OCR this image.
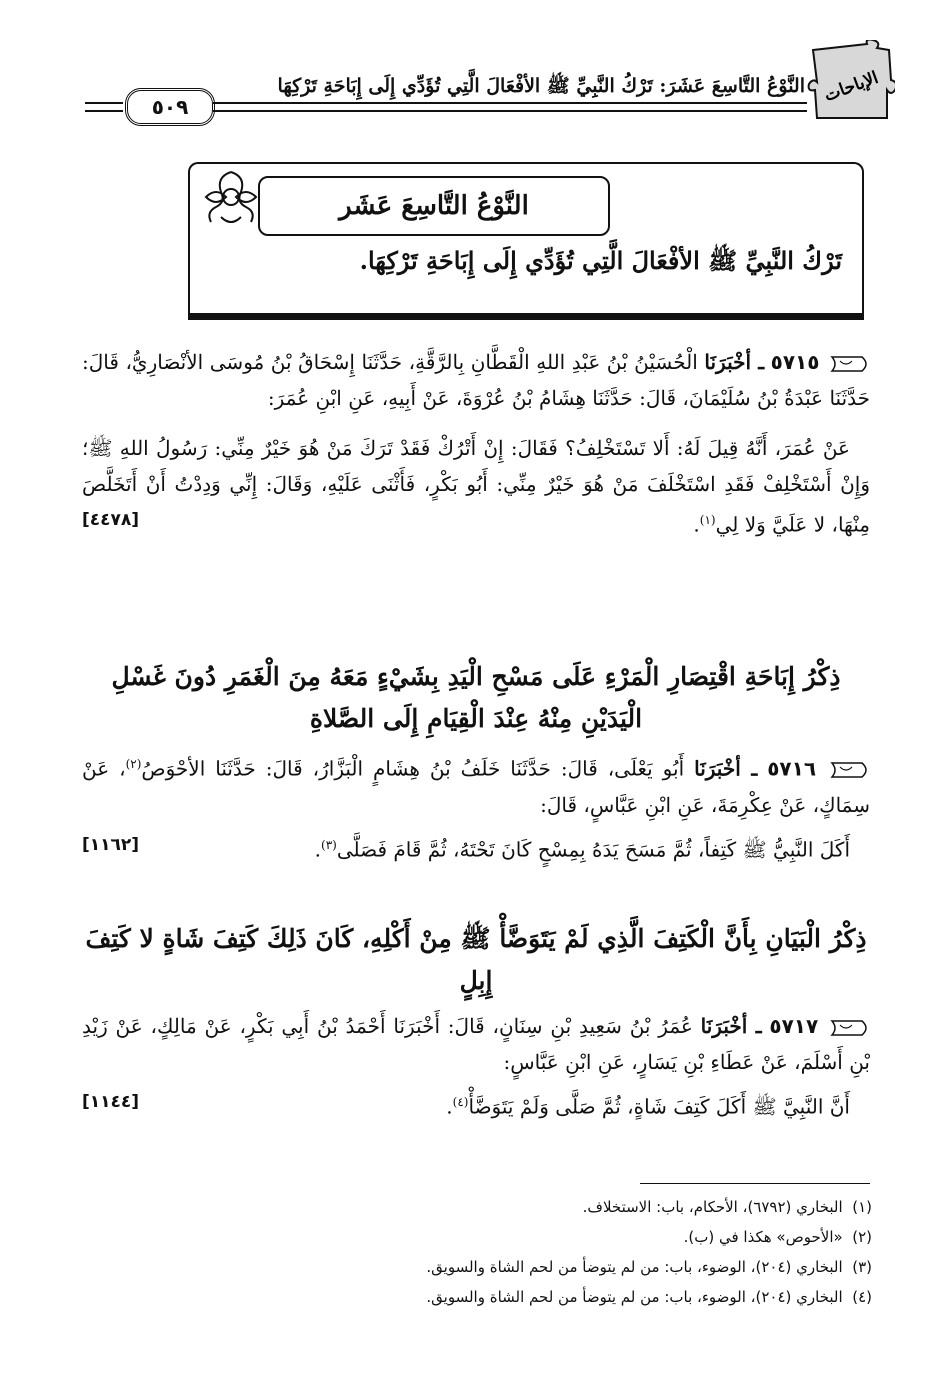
٥٠٩
النَّوْعُ التَّاسِعَ عَشَرَ: تَرْكُ النَّبِيِّ ﷺ الأفْعَالَ الَّتِي تُؤَدِّي إِلَى إِبَاحَةِ تَرْكِهَا الإباحات
النَّوْعُ التَّاسِعَ عَشَر
تَرْكُ النَّبِيِّ ﷺ الأفْعَالَ الَّتِي تُؤَدِّي إِلَى إِبَاحَةِ تَرْكِهَا.

٥٧١٥ ـ أخْبَرَنَا الْحُسَيْنُ بْنُ عَبْدِ اللهِ الْقَطَّانِ بِالرَّقَّةِ، حَدَّثَنَا إِسْحَاقُ بْنُ مُوسَى الأنْصَارِيُّ، قَالَ: حَدَّثَنَا عَبْدَةُ بْنُ سُلَيْمَانَ، قَالَ: حَدَّثَنَا هِشَامُ بْنُ عُرْوَةَ، عَنْ أَبِيهِ، عَنِ ابْنِ عُمَرَ:

عَنْ عُمَرَ، أَنَّهُ قِيلَ لَهُ: أَلا تَسْتَخْلِفُ؟ فَقَالَ: إِنْ أَتْرُكْ فَقَدْ تَرَكَ مَنْ هُوَ خَيْرٌ مِنِّي: رَسُولُ اللهِ ﷺ؛ وَإِنْ أَسْتَخْلِفْ فَقَدِ اسْتَخْلَفَ مَنْ هُوَ خَيْرٌ مِنِّي: أَبُو بَكْرٍ، فَأَثْنَى عَلَيْهِ، وَقَالَ: إِنِّي وَدِدْتُ أَنْ أَتَخَلَّصَ مِنْهَا، لا عَلَيَّ وَلا لِي$^{(١)}$.
[٤٤٧٨]

ذِكْرُ إِبَاحَةِ اقْتِصَارِ الْمَرْءِ عَلَى مَسْحِ الْيَدِ بِشَيْءٍ مَعَهُ مِنَ الْغَمَرِ دُونَ غَسْلِ الْيَدَيْنِ مِنْهُ عِنْدَ الْقِيَامِ إِلَى الصَّلاةِ

٥٧١٦ ـ أخْبَرَنَا أَبُو يَعْلَى، قَالَ: حَدَّثَنَا خَلَفُ بْنُ هِشَامٍ الْبَزَّارُ، قَالَ: حَدَّثَنَا الأحْوَصُ$^{(٢)}$، عَنْ سِمَاكٍ، عَنْ عِكْرِمَةَ، عَنِ ابْنِ عَبَّاسٍ، قَالَ:

أَكَلَ النَّبِيُّ ﷺ كَتِفاً، ثُمَّ مَسَحَ يَدَهُ بِمِسْحٍ كَانَ تَحْتَهُ، ثُمَّ قَامَ فَصَلَّى$^{(٣)}$.
[١١٦٢]

ذِكْرُ الْبَيَانِ بِأَنَّ الْكَتِفَ الَّذِي لَمْ يَتَوَضَّأْ ﷺ مِنْ أَكْلِهِ، كَانَ ذَلِكَ كَتِفَ شَاةٍ لا كَتِفَ إِبِلٍ

٥٧١٧ ـ أخْبَرَنَا عُمَرُ بْنُ سَعِيدِ بْنِ سِنَانٍ، قَالَ: أَخْبَرَنَا أَحْمَدُ بْنُ أَبِي بَكْرٍ، عَنْ مَالِكٍ، عَنْ زَيْدِ بْنِ أَسْلَمَ، عَنْ عَطَاءِ بْنِ يَسَارٍ، عَنِ ابْنِ عَبَّاسٍ:

أَنَّ النَّبِيَّ ﷺ أَكَلَ كَتِفَ شَاةٍ، ثُمَّ صَلَّى وَلَمْ يَتَوَضَّأْ$^{(٤)}$.
[١١٤٤]

(١)  البخاري (٦٧٩٢)، الأحكام، باب: الاستخلاف.
(٢)  «الأحوص» هكذا في (ب).
(٣)  البخاري (٢٠٤)، الوضوء، باب: من لم يتوضأ من لحم الشاة والسويق.
(٤)  البخاري (٢٠٤)، الوضوء، باب: من لم يتوضأ من لحم الشاة والسويق.
